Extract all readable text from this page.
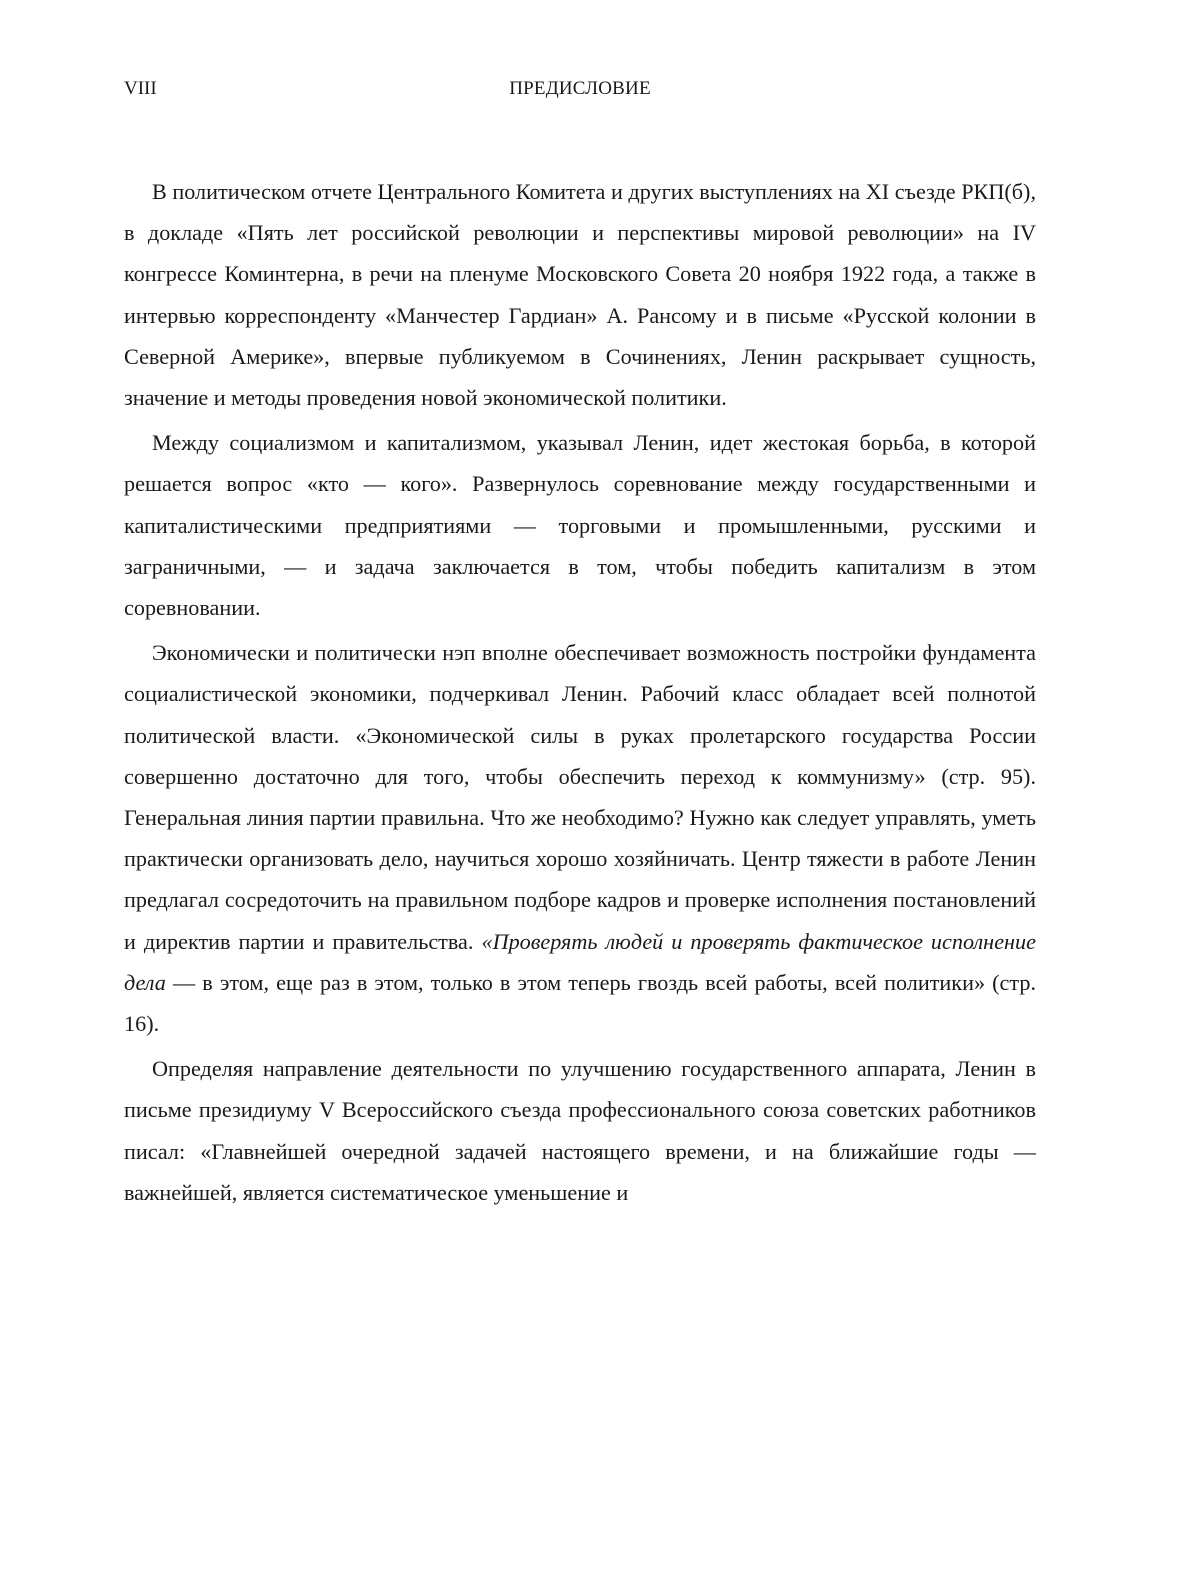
VIII	ПРЕДИСЛОВИЕ

В политическом отчете Центрального Комитета и других выступлениях на XI съезде РКП(б), в докладе «Пять лет российской революции и перспективы мировой революции» на IV конгрессе Коминтерна, в речи на пленуме Московского Совета 20 ноября 1922 года, а также в интервью корреспонденту «Манчестер Гардиан» А. Рансому и в письме «Русской колонии в Северной Америке», впервые публикуемом в Сочинениях, Ленин раскрывает сущность, значение и методы проведения новой экономической политики.

Между социализмом и капитализмом, указывал Ленин, идет жестокая борьба, в которой решается вопрос «кто — кого». Развернулось соревнование между государственными и капиталистическими предприятиями — торговыми и промышленными, русскими и заграничными, — и задача заключается в том, чтобы победить капитализм в этом соревновании.

Экономически и политически нэп вполне обеспечивает возможность постройки фундамента социалистической экономики, подчеркивал Ленин. Рабочий класс обладает всей полнотой политической власти. «Экономической силы в руках пролетарского государства России совершенно достаточно для того, чтобы обеспечить переход к коммунизму» (стр. 95). Генеральная линия партии правильна. Что же необходимо? Нужно как следует управлять, уметь практически организовать дело, научиться хорошо хозяйничать. Центр тяжести в работе Ленин предлагал сосредоточить на правильном подборе кадров и проверке исполнения постановлений и директив партии и правительства. «Проверять людей и проверять фактическое исполнение дела — в этом, еще раз в этом, только в этом теперь гвоздь всей работы, всей политики» (стр. 16).

Определяя направление деятельности по улучшению государственного аппарата, Ленин в письме президиуму V Всероссийского съезда профессионального союза советских работников писал: «Главнейшей очередной задачей настоящего времени, и на ближайшие годы — важнейшей, является систематическое уменьшение и
